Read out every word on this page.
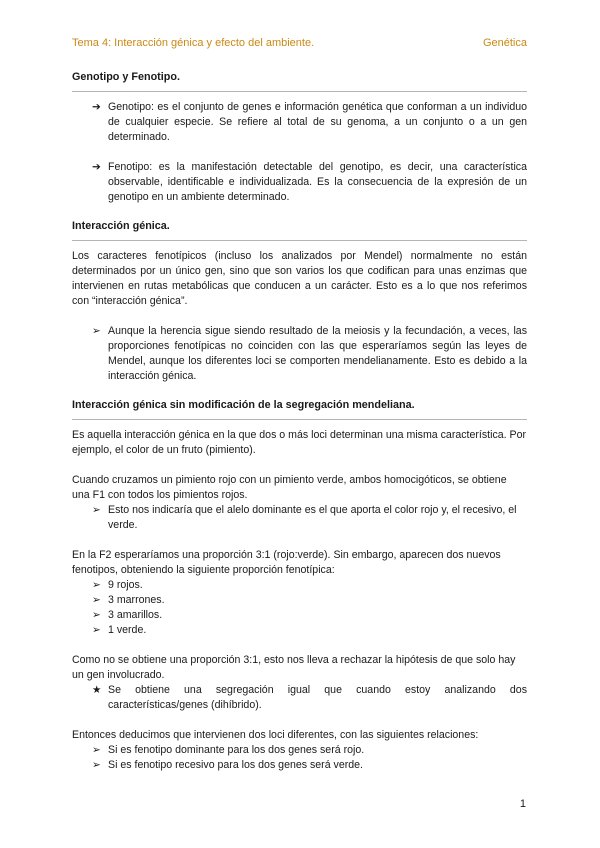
Tema 4: Interacción génica y efecto del ambiente.	Genética
Genotipo y Fenotipo.
➔ Genotipo: es el conjunto de genes e información genética que conforman a un individuo de cualquier especie. Se refiere al total de su genoma, a un conjunto o a un gen determinado.
➔ Fenotipo: es la manifestación detectable del genotipo, es decir, una característica observable, identificable e individualizada. Es la consecuencia de la expresión de un genotipo en un ambiente determinado.
Interacción génica.

Los caracteres fenotípicos (incluso los analizados por Mendel) normalmente no están determinados por un único gen, sino que son varios los que codifican para unas enzimas que intervienen en rutas metabólicas que conducen a un carácter. Esto es a lo que nos referimos con “interacción génica”.

➢ Aunque la herencia sigue siendo resultado de la meiosis y la fecundación, a veces, las proporciones fenotípicas no coinciden con las que esperaríamos según las leyes de Mendel, aunque los diferentes loci se comporten mendelianamente. Esto es debido a la interacción génica.
Interacción génica sin modificación de la segregación mendeliana.

Es aquella interacción génica en la que dos o más loci determinan una misma característica. Por ejemplo, el color de un fruto (pimiento).

Cuando cruzamos un pimiento rojo con un pimiento verde, ambos homocigóticos, se obtiene una F1 con todos los pimientos rojos.

➢ Esto nos indicaría que el alelo dominante es el que aporta el color rojo y, el recesivo, el verde.

En la F2 esperaríamos una proporción 3:1 (rojo:verde). Sin embargo, aparecen dos nuevos fenotipos, obteniendo la siguiente proporción fenotípica:

➢ 9 rojos.
➢ 3 marrones.
➢ 3 amarillos.
➢ 1 verde.

Como no se obtiene una proporción 3:1, esto nos lleva a rechazar la hipótesis de que solo hay un gen involucrado.

★ Se obtiene una segregación igual que cuando estoy analizando dos características/genes (dihíbrido).

Entonces deducimos que intervienen dos loci diferentes, con las siguientes relaciones:

➢ Si es fenotipo dominante para los dos genes será rojo.
➢ Si es fenotipo recesivo para los dos genes será verde.
1
